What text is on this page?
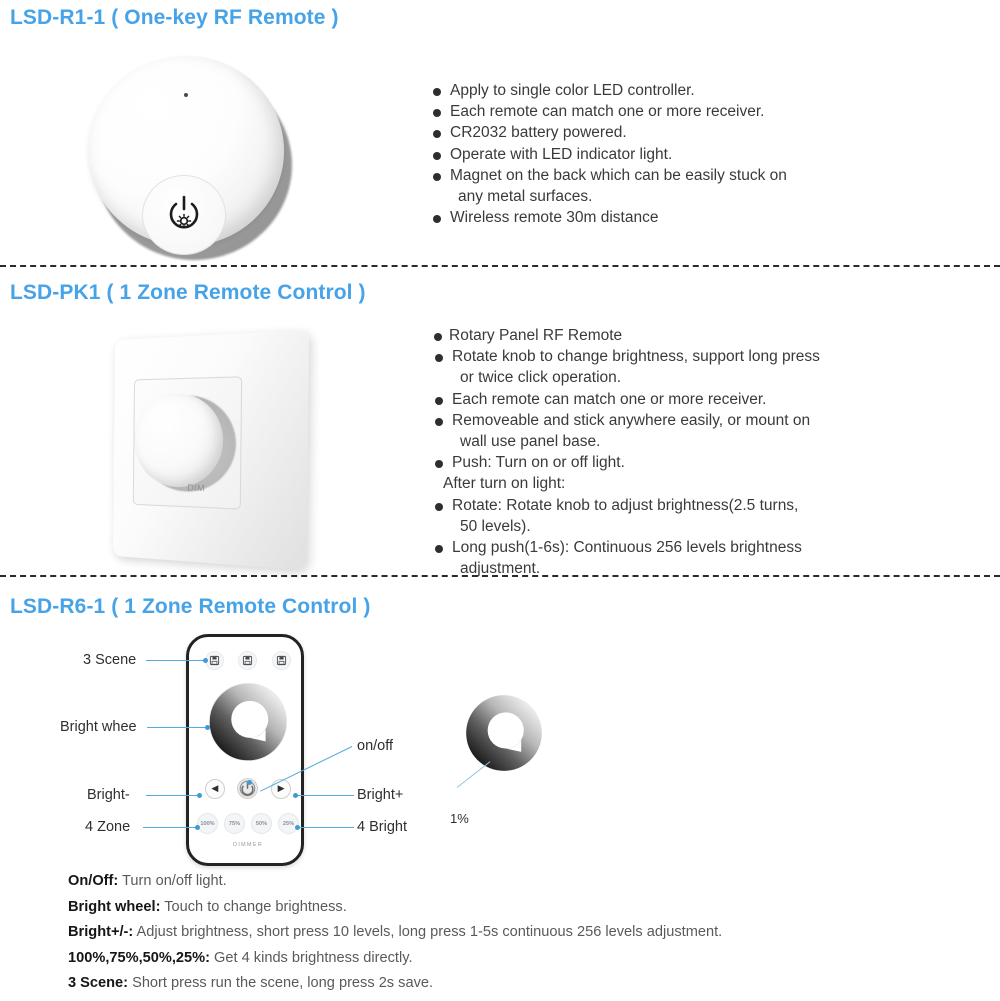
LSD-R1-1 ( One-key RF Remote )
Apply to single color LED controller.
Each remote can match one or more receiver.
CR2032 battery powered.
Operate with LED indicator light.
Magnet on the back which can be easily stuck on
any metal surfaces.
Wireless remote 30m distance
LSD-PK1 ( 1 Zone Remote Control )
DIM
Rotary Panel RF Remote
Rotate knob to change brightness, support long press
or twice click operation.
Each remote can match one or more receiver.
Removeable and stick anywhere easily, or mount on
wall use panel base.
Push: Turn on or off light.
After turn on light:
Rotate: Rotate knob to adjust brightness(2.5 turns,
50 levels).
Long push(1-6s): Continuous 256 levels brightness
adjustment.
LSD-R6-1 ( 1 Zone Remote Control )
◀	▶
100%	75%	50%	25%
DIMMER
3 Scene
Bright whee
Bright-
4 Zone
on/off
Bright+
4 Bright
1%

On/Off: Turn on/off light.

Bright wheel: Touch to change brightness.

Bright+/-: Adjust brightness, short press 10 levels, long press 1-5s continuous 256 levels adjustment.

100%,75%,50%,25%: Get 4 kinds brightness directly.

3 Scene: Short press run the scene, long press 2s save.
